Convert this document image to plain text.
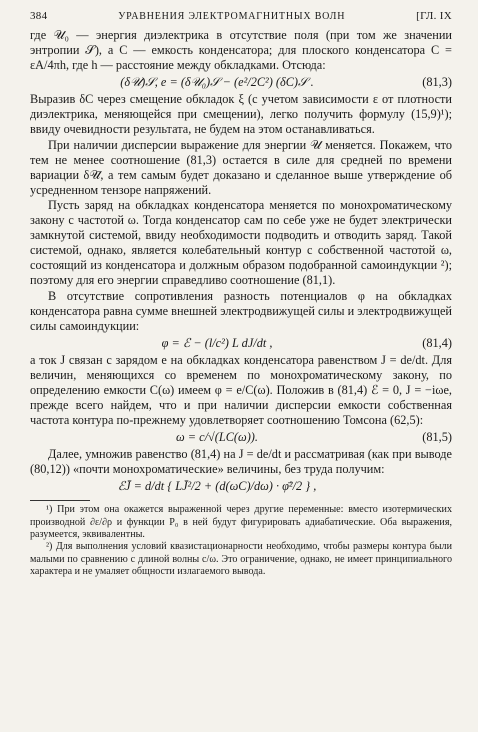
384	УРАВНЕНИЯ ЭЛЕКТРОМАГНИТНЫХ ВОЛН	[ГЛ. IX

где 𝒰₀ — энергия диэлектрика в отсутствие поля (при том же значении энтропии 𝒮), а C — емкость конденсатора; для плоского конденсатора C = εA/4πh, где h — расстояние между обкладками. Отсюда:

(δ𝒰)𝒮, e = (δ𝒰₀)𝒮 − (e²/2C²) (δC)𝒮 .	(81,3)

Выразив δC через смещение обкладок ξ (с учетом зависимости ε от плотности диэлектрика, меняющейся при смещении), легко получить формулу (15,9)¹); ввиду очевидности результата, не будем на этом останавливаться.

При наличии дисперсии выражение для энергии 𝒰 меняется. Покажем, что тем не менее соотношение (81,3) остается в силе для средней по времени вариации δ𝒰̄, а тем самым будет доказано и сделанное выше утверждение об усредненном тензоре напряжений.

Пусть заряд на обкладках конденсатора меняется по монохроматическому закону с частотой ω. Тогда конденсатор сам по себе уже не будет электрически замкнутой системой, ввиду необходимости подводить и отводить заряд. Такой системой, однако, является колебательный контур с собственной частотой ω, состоящий из конденсатора и должным образом подобранной самоиндукции ²); поэтому для его энергии справедливо соотношение (81,1).

В отсутствие сопротивления разность потенциалов φ на обкладках конденсатора равна сумме внешней электродвижущей силы и электродвижущей силы самоиндукции:

φ = ℰ − (l/c²) L dJ/dt ,	(81,4)

а ток J связан с зарядом e на обкладках конденсатора равенством J = de/dt. Для величин, меняющихся со временем по монохроматическому закону, по определению емкости C(ω) имеем φ = e/C(ω). Положив в (81,4) ℰ = 0, J = −iωe, прежде всего найдем, что и при наличии дисперсии емкости собственная частота контура по-прежнему удовлетворяет соотношению Томсона (62,5):

ω = c/√(LC(ω)).	(81,5)

Далее, умножив равенство (81,4) на J = de/dt и рассматривая (как при выводе (80,12)) «почти монохроматические» величины, без труда получим:

ℰJ̄ = d/dt { LJ̄²/2 + (d(ωC)/dω) · φ̄²/2 } ,

¹) При этом она окажется выраженной через другие переменные: вместо изотермических производной ∂ε/∂ρ и функции P₀ в ней будут фигурировать адиабатические. Оба выражения, разумеется, эквивалентны.

²) Для выполнения условий квазистационарности необходимо, чтобы размеры контура были малыми по сравнению с длиной волны c/ω. Это ограничение, однако, не имеет принципиального характера и не умаляет общности излагаемого вывода.
